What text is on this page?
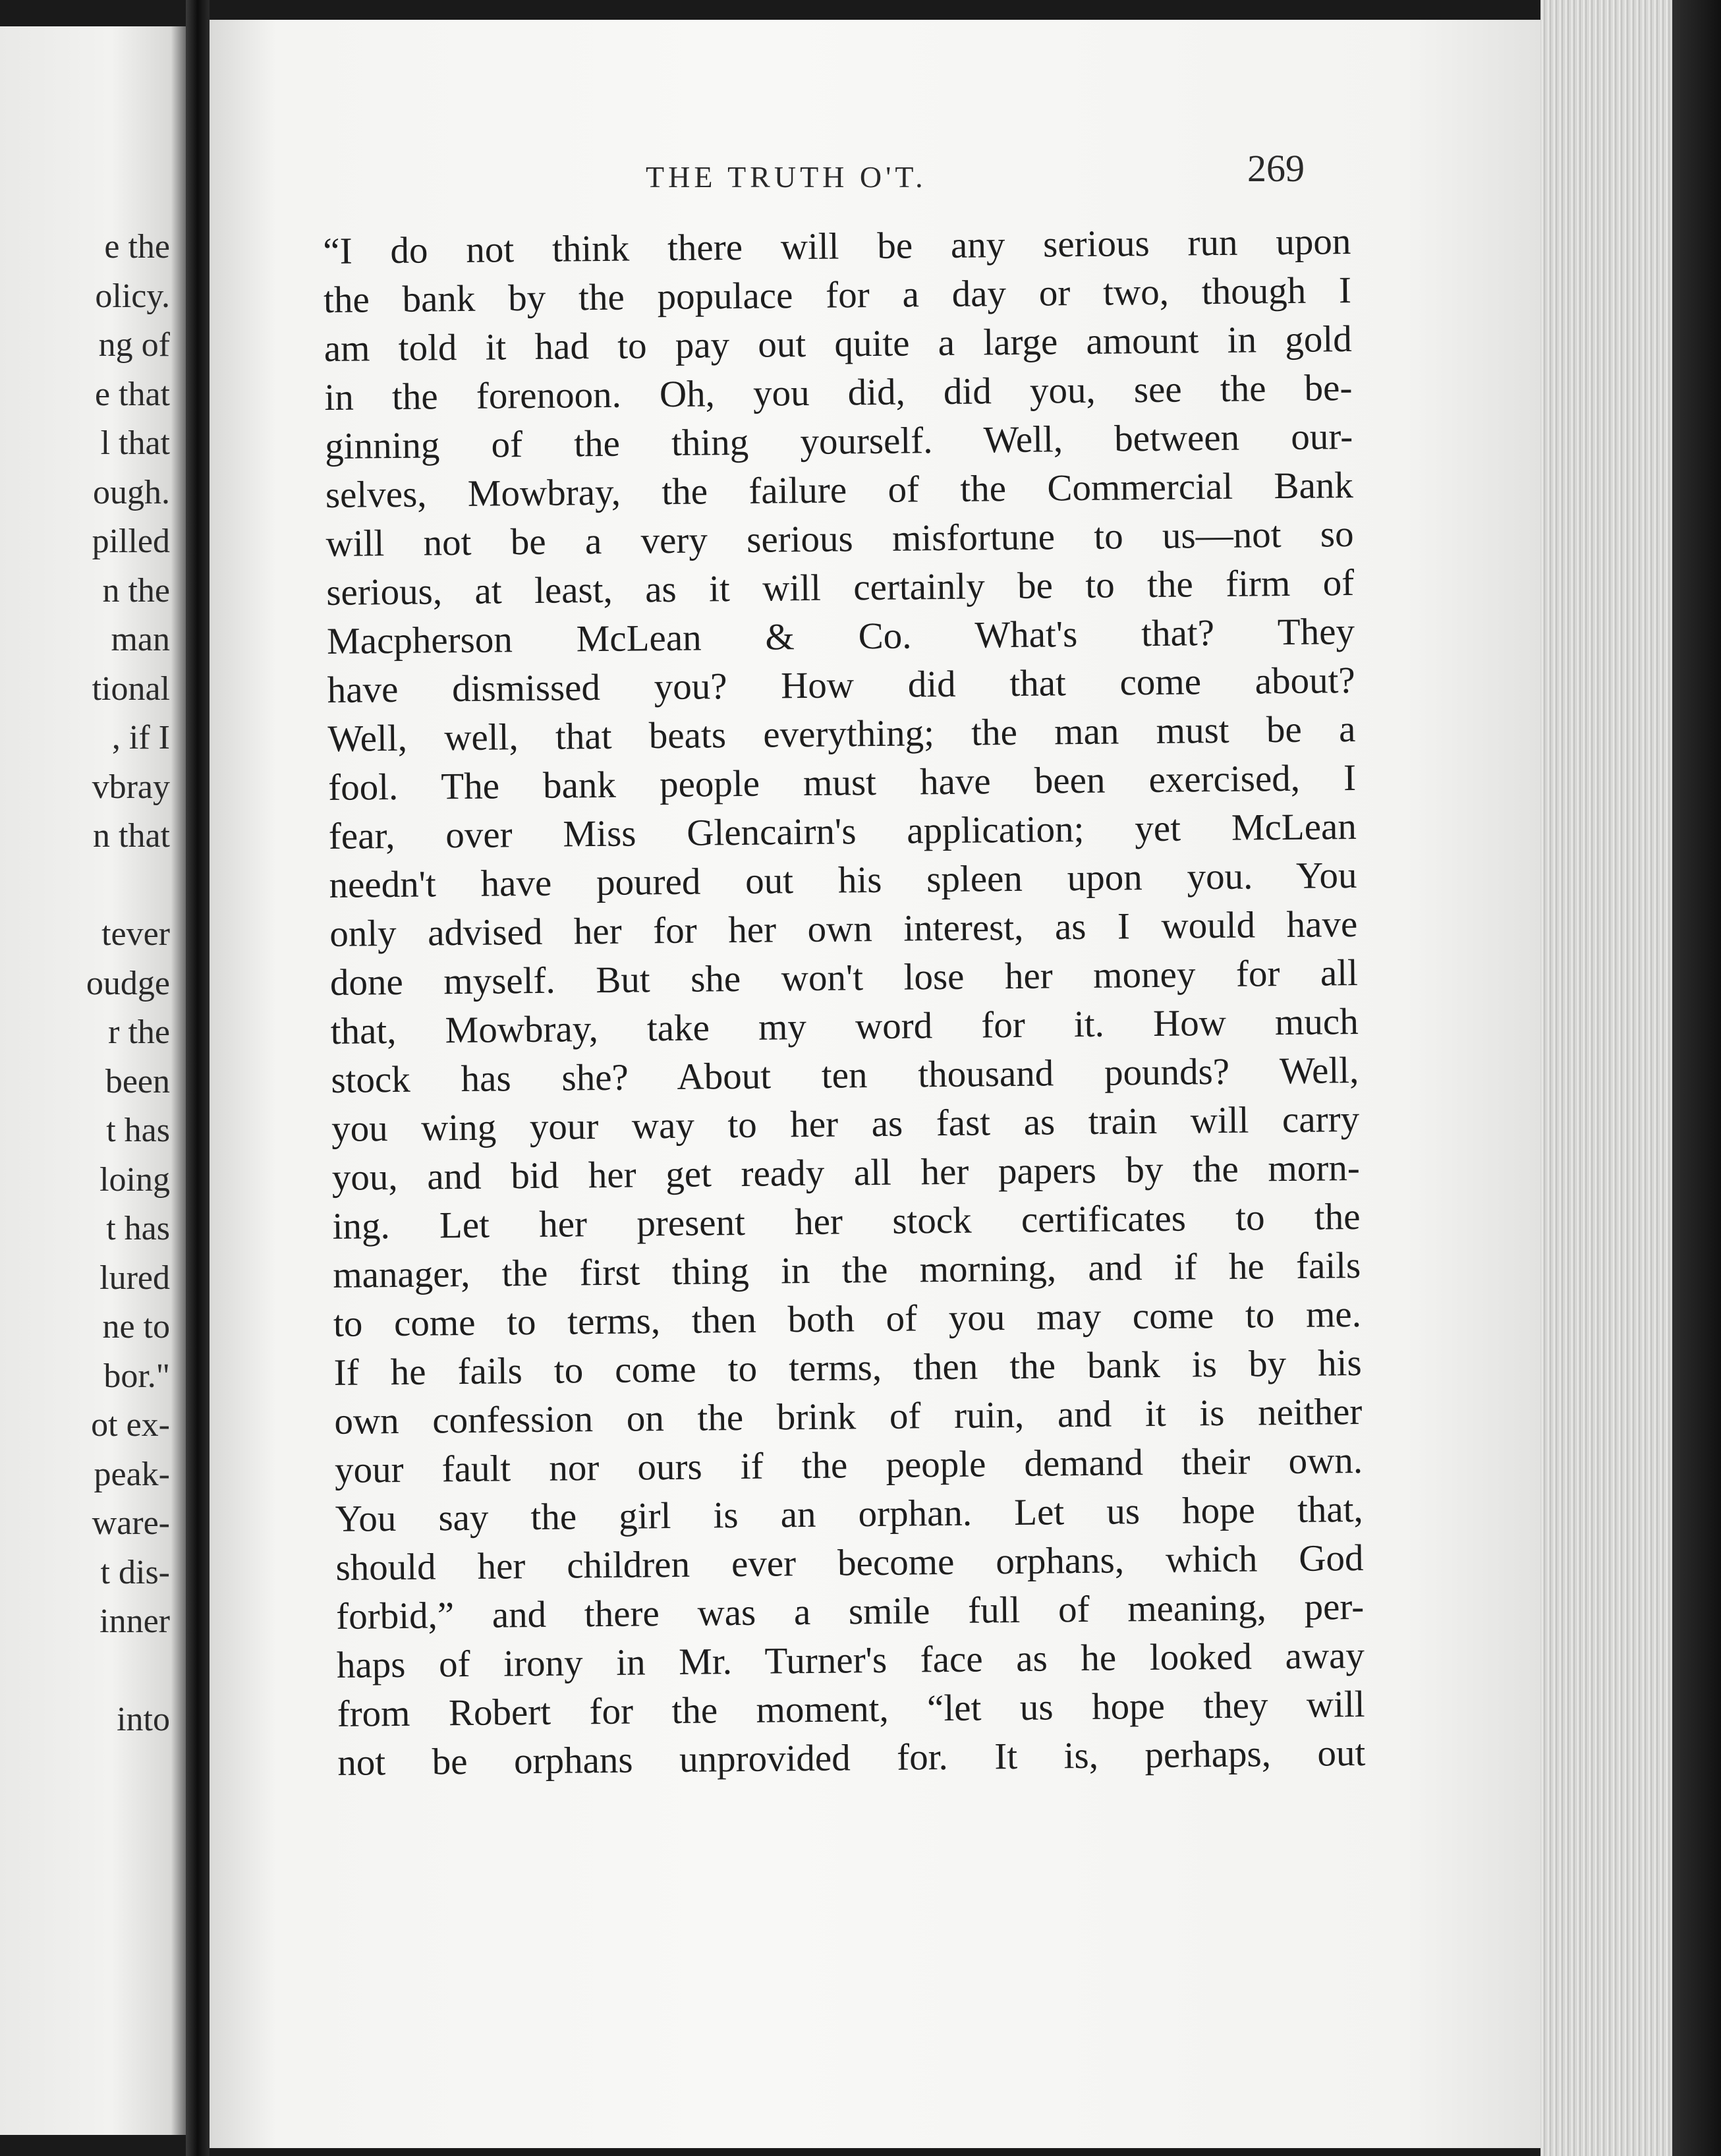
e the
olicy.
ng of
e that
l that
ough.
pilled
n the
man
tional
, if I
vbray
n that
tever
oudge
r the
been
t has
loing
t has
lured
ne to
bor."
ot ex-
peak-
ware-
t dis-
inner
into
THE TRUTH O'T.	269
“I do not think there will be any serious run upon
the bank by the populace for a day or two, though I
am told it had to pay out quite a large amount in gold
in the forenoon. Oh, you did, did you, see the be-
ginning of the thing yourself. Well, between our-
selves, Mowbray, the failure of the Commercial Bank
will not be a very serious misfortune to us—not so
serious, at least, as it will certainly be to the firm of
Macpherson McLean & Co. What's that? They
have dismissed you? How did that come about?
Well, well, that beats everything; the man must be a
fool. The bank people must have been exercised, I
fear, over Miss Glencairn's application; yet McLean
needn't have poured out his spleen upon you. You
only advised her for her own interest, as I would have
done myself. But she won't lose her money for all
that, Mowbray, take my word for it. How much
stock has she? About ten thousand pounds? Well,
you wing your way to her as fast as train will carry
you, and bid her get ready all her papers by the morn-
ing. Let her present her stock certificates to the
manager, the first thing in the morning, and if he fails
to come to terms, then both of you may come to me.
If he fails to come to terms, then the bank is by his
own confession on the brink of ruin, and it is neither
your fault nor ours if the people demand their own.
You say the girl is an orphan. Let us hope that,
should her children ever become orphans, which God
forbid,” and there was a smile full of meaning, per-
haps of irony in Mr. Turner's face as he looked away
from Robert for the moment, “let us hope they will
not be orphans unprovided for. It is, perhaps, out
